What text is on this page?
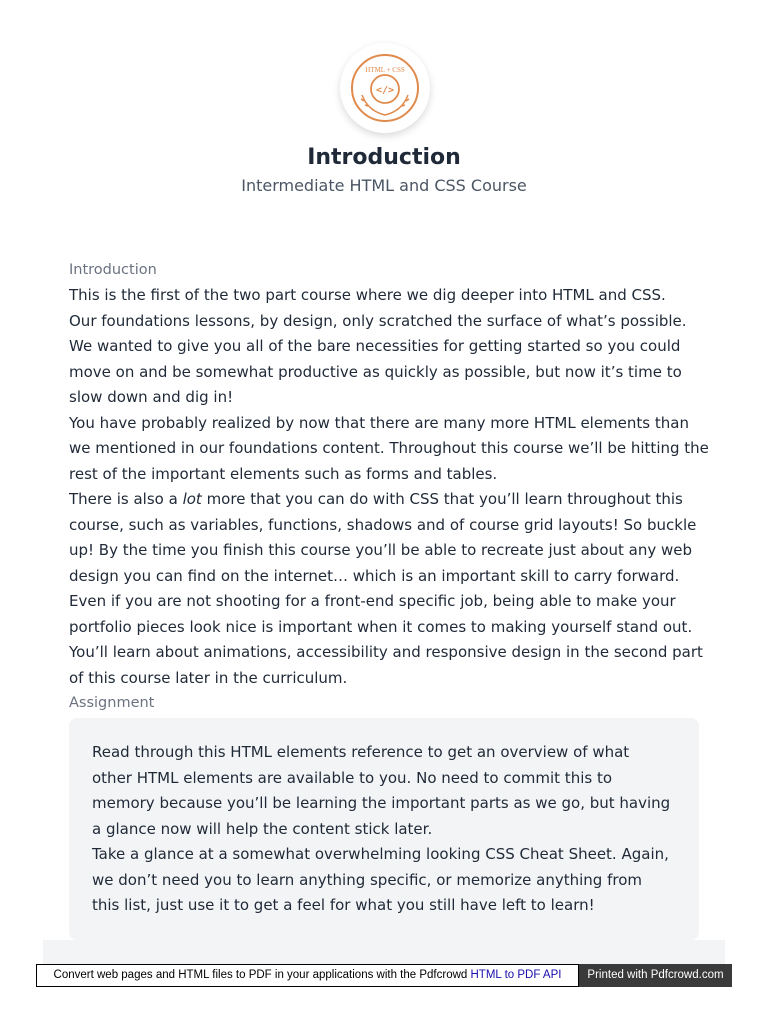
HTML + CSS
</>
Introduction
Intermediate HTML and CSS Course

Introduction

This is the first of the two part course where we dig deeper into HTML and CSS.

Our foundations lessons, by design, only scratched the surface of what’s possible. We wanted to give you all of the bare necessities for getting started so you could move on and be somewhat productive as quickly as possible, but now it’s time to slow down and dig in!

You have probably realized by now that there are many more HTML elements than we mentioned in our foundations content. Throughout this course we’ll be hitting the rest of the important elements such as forms and tables.

There is also a lot more that you can do with CSS that you’ll learn throughout this course, such as variables, functions, shadows and of course grid layouts! So buckle up! By the time you finish this course you’ll be able to recreate just about any web design you can find on the internet… which is an important skill to carry forward. Even if you are not shooting for a front-end specific job, being able to make your portfolio pieces look nice is important when it comes to making yourself stand out.

You’ll learn about animations, accessibility and responsive design in the second part of this course later in the curriculum.

Assignment

Read through this HTML elements reference to get an overview of what other HTML elements are available to you. No need to commit this to memory because you’ll be learning the important parts as we go, but having a glance now will help the content stick later.

Take a glance at a somewhat overwhelming looking CSS Cheat Sheet. Again, we don’t need you to learn anything specific, or memorize anything from this list, just use it to get a feel for what you still have left to learn!

Convert web pages and HTML files to PDF in your applications with the Pdfcrowd HTML to PDF API	Printed with Pdfcrowd.com
